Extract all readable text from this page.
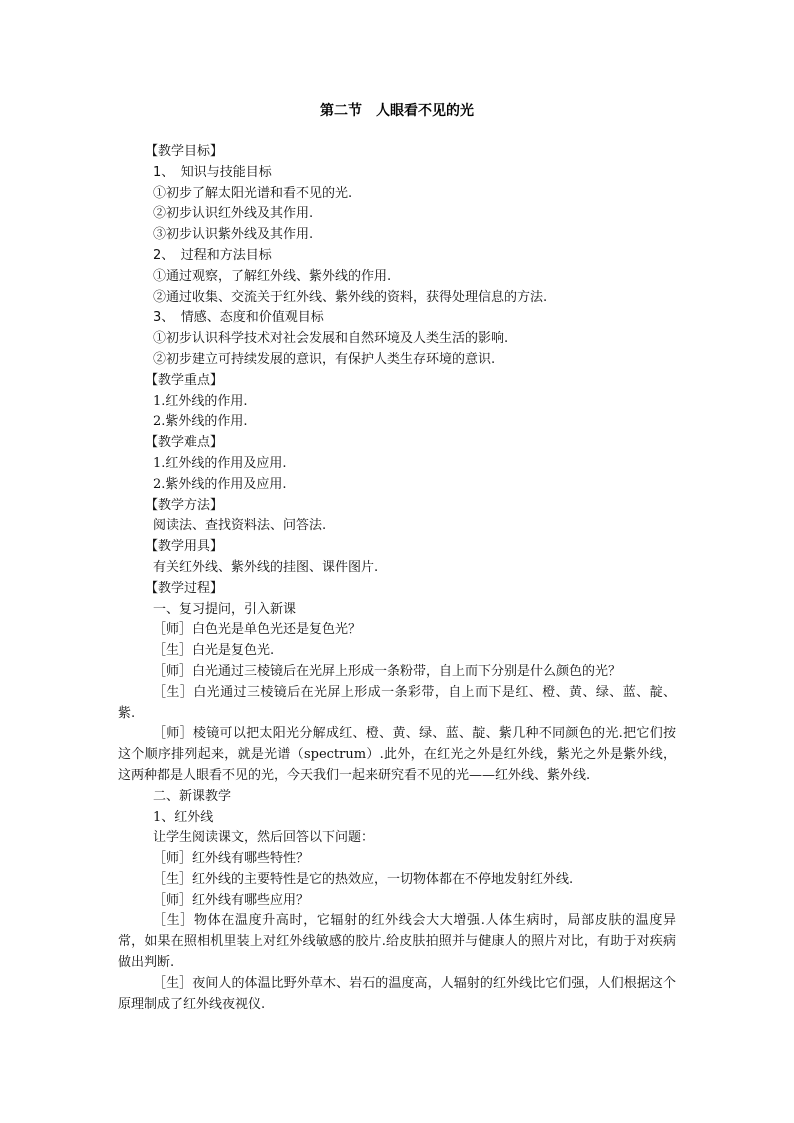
第二节　人眼看不见的光

【教学目标】

1、　知识与技能目标

①初步了解太阳光谱和看不见的光.

②初步认识红外线及其作用.

③初步认识紫外线及其作用.

2、　过程和方法目标

①通过观察，了解红外线、紫外线的作用.

②通过收集、交流关于红外线、紫外线的资料，获得处理信息的方法.

3、　情感、态度和价值观目标

①初步认识科学技术对社会发展和自然环境及人类生活的影响.

②初步建立可持续发展的意识，有保护人类生存环境的意识.

【教学重点】

1.红外线的作用.

2.紫外线的作用.

【教学难点】

1.红外线的作用及应用.

2.紫外线的作用及应用.

【教学方法】

阅读法、查找资料法、问答法.

【教学用具】

有关红外线、紫外线的挂图、课件图片.

【教学过程】

一、复习提问，引入新课

［师］白色光是单色光还是复色光？

［生］白光是复色光.

［师］白光通过三棱镜后在光屏上形成一条粉带，自上而下分别是什么颜色的光？

［生］白光通过三棱镜后在光屏上形成一条彩带，自上而下是红、橙、黄、绿、蓝、靛、紫.

［师］棱镜可以把太阳光分解成红、橙、黄、绿、蓝、靛、紫几种不同颜色的光.把它们按这个顺序排列起来，就是光谱（spectrum）.此外，在红光之外是红外线，紫光之外是紫外线，这两种都是人眼看不见的光，今天我们一起来研究看不见的光——红外线、紫外线.

二、新课教学

1、红外线

让学生阅读课文，然后回答以下问题：

［师］红外线有哪些特性？

［生］红外线的主要特性是它的热效应，一切物体都在不停地发射红外线.

［师］红外线有哪些应用？

［生］物体在温度升高时，它辐射的红外线会大大增强.人体生病时，局部皮肤的温度异常，如果在照相机里装上对红外线敏感的胶片.给皮肤拍照并与健康人的照片对比，有助于对疾病做出判断.

［生］夜间人的体温比野外草木、岩石的温度高，人辐射的红外线比它们强，人们根据这个原理制成了红外线夜视仪.
